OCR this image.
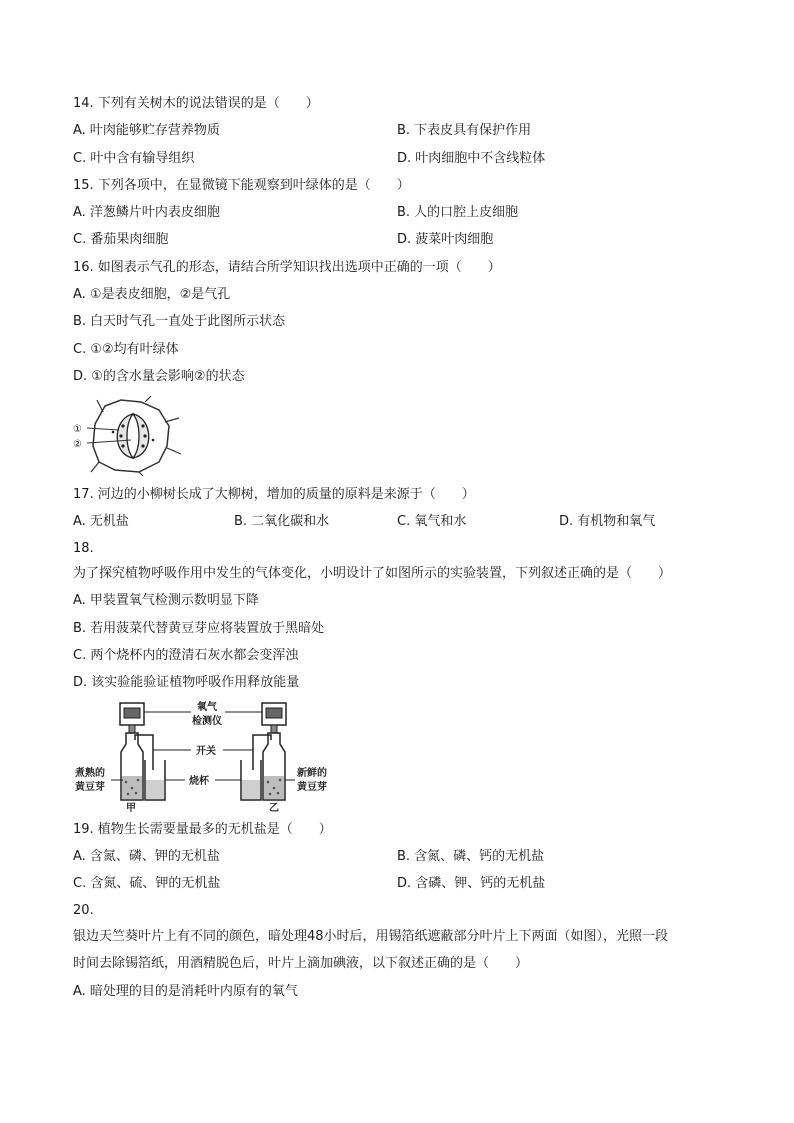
14. 下列有关树木的说法错误的是（　　）
A. 叶肉能够贮存营养物质	B. 下表皮具有保护作用
C. 叶中含有输导组织	D. 叶肉细胞中不含线粒体
15. 下列各项中，在显微镜下能观察到叶绿体的是（　　）
A. 洋葱鳞片叶内表皮细胞	B. 人的口腔上皮细胞
C. 番茄果肉细胞	D. 菠菜叶肉细胞
16. 如图表示气孔的形态，请结合所学知识找出选项中正确的一项（　　）
A. ①是表皮细胞，②是气孔
B. 白天时气孔一直处于此图所示状态
C. ①②均有叶绿体
D. ①的含水量会影响②的状态
①
②
17. 河边的小柳树长成了大柳树，增加的质量的原料是来源于（　　）
A. 无机盐	B. 二氧化碳和水	C. 氧气和水	D. 有机物和氧气
18.
为了探究植物呼吸作用中发生的气体变化，小明设计了如图所示的实验装置，下列叙述正确的是（　　）
A. 甲装置氧气检测示数明显下降
B. 若用菠菜代替黄豆芽应将装置放于黑暗处
C. 两个烧杯内的澄清石灰水都会变浑浊
D. 该实验能验证植物呼吸作用释放能量
氧气
检测仪
开关
烧杯
煮熟的
黄豆芽
新鲜的
黄豆芽
甲	乙
19. 植物生长需要量最多的无机盐是（　　）
A. 含氮、磷、钾的无机盐	B. 含氮、磷、钙的无机盐
C. 含氮、硫、钾的无机盐	D. 含磷、钾、钙的无机盐
20.
银边天竺葵叶片上有不同的颜色，暗处理48小时后，用锡箔纸遮蔽部分叶片上下两面（如图），光照一段
时间去除锡箔纸，用酒精脱色后，叶片上滴加碘液，以下叙述正确的是（　　）
A. 暗处理的目的是消耗叶内原有的氧气
